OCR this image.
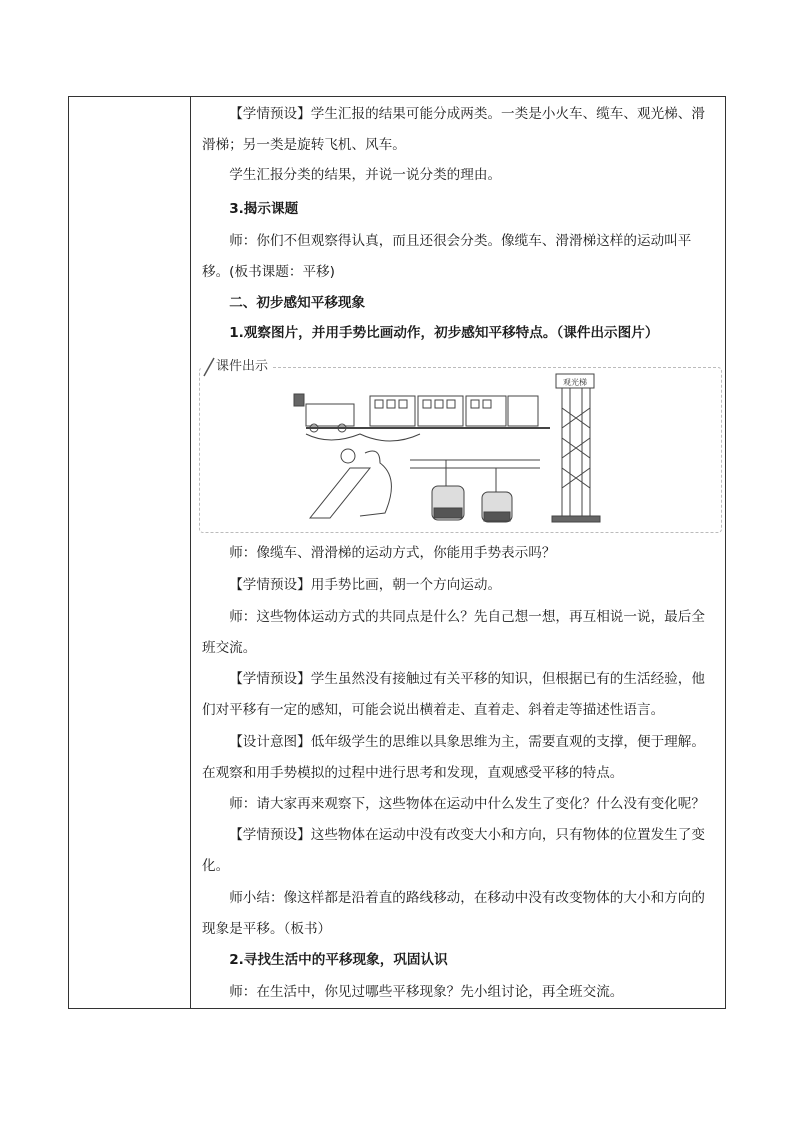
【学情预设】学生汇报的结果可能分成两类。一类是小火车、缆车、观光梯、滑滑梯；另一类是旋转飞机、风车。
学生汇报分类的结果，并说一说分类的理由。
3.揭示课题
师：你们不但观察得认真，而且还很会分类。像缆车、滑滑梯这样的运动叫平移。(板书课题：平移)
二、初步感知平移现象
1.观察图片，并用手势比画动作，初步感知平移特点。（课件出示图片）
课件出示
观光梯
师：像缆车、滑滑梯的运动方式，你能用手势表示吗？
【学情预设】用手势比画，朝一个方向运动。
师：这些物体运动方式的共同点是什么？先自己想一想，再互相说一说，最后全班交流。
【学情预设】学生虽然没有接触过有关平移的知识，但根据已有的生活经验，他们对平移有一定的感知，可能会说出横着走、直着走、斜着走等描述性语言。
【设计意图】低年级学生的思维以具象思维为主，需要直观的支撑，便于理解。在观察和用手势模拟的过程中进行思考和发现，直观感受平移的特点。
师：请大家再来观察下，这些物体在运动中什么发生了变化？什么没有变化呢？
【学情预设】这些物体在运动中没有改变大小和方向，只有物体的位置发生了变化。
师小结：像这样都是沿着直的路线移动，在移动中没有改变物体的大小和方向的现象是平移。（板书）
2.寻找生活中的平移现象，巩固认识
师：在生活中，你见过哪些平移现象？先小组讨论，再全班交流。
